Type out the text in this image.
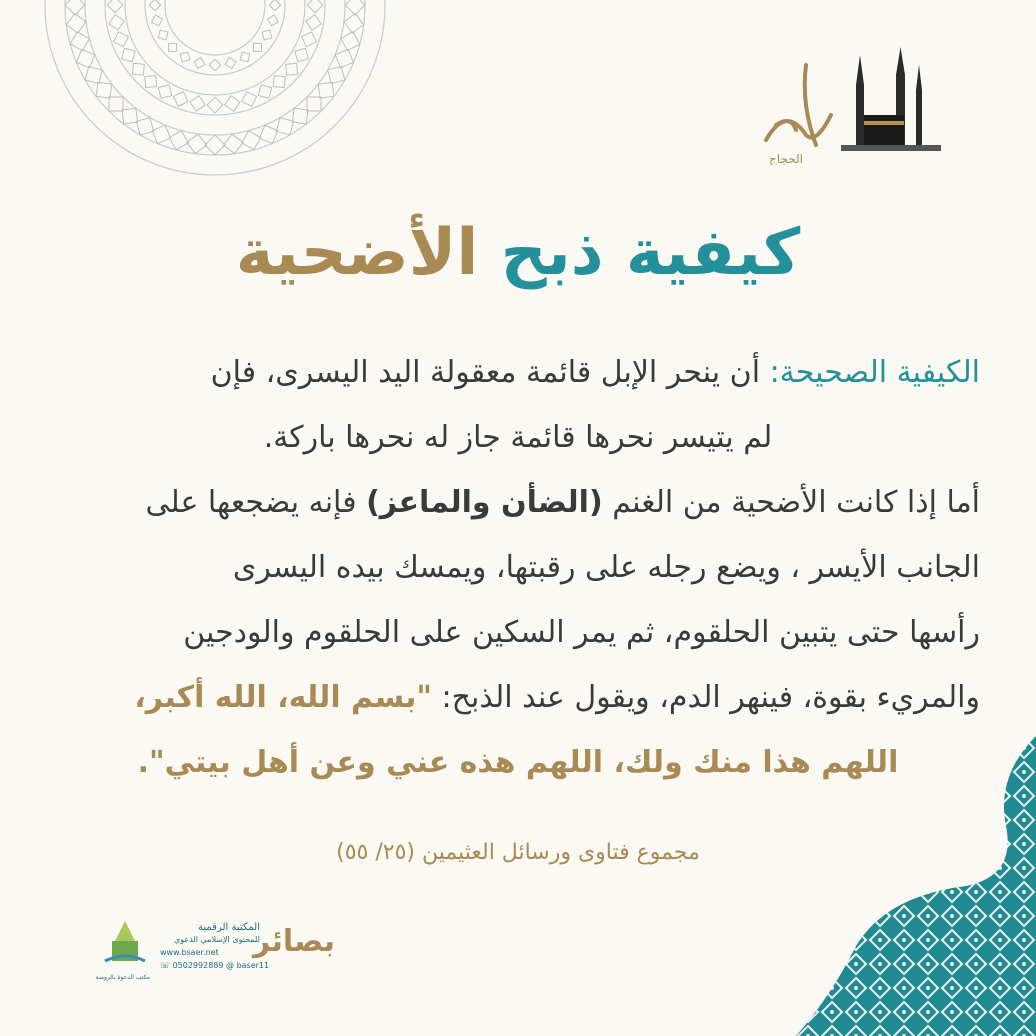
الحجاج
كيفية ذبح الأضحية
الكيفية الصحيحة: أن ينحر الإبل قائمة معقولة اليد اليسرى، فإن
لم يتيسر نحرها قائمة جاز له نحرها باركة.
أما إذا كانت الأضحية من الغنم (الضأن والماعز) فإنه يضجعها على
الجانب الأيسر ، ويضع رجله على رقبتها، ويمسك بيده اليسرى
رأسها حتى يتبين الحلقوم، ثم يمر السكين على الحلقوم والودجين
والمريء بقوة، فينهر الدم، ويقول عند الذبح: "بسم الله، الله أكبر،
اللهم هذا منك ولك، اللهم هذه عني وعن أهل بيتي".
مجموع فتاوى ورسائل العثيمين (٢٥/ ٥٥)
مكتب الدعوة بالروضة
المكتبة الرقمية
للمحتوى الإسلامي الدعوي
www.bsaer.net
☏ 0502992889 @ baser11
بصائر
